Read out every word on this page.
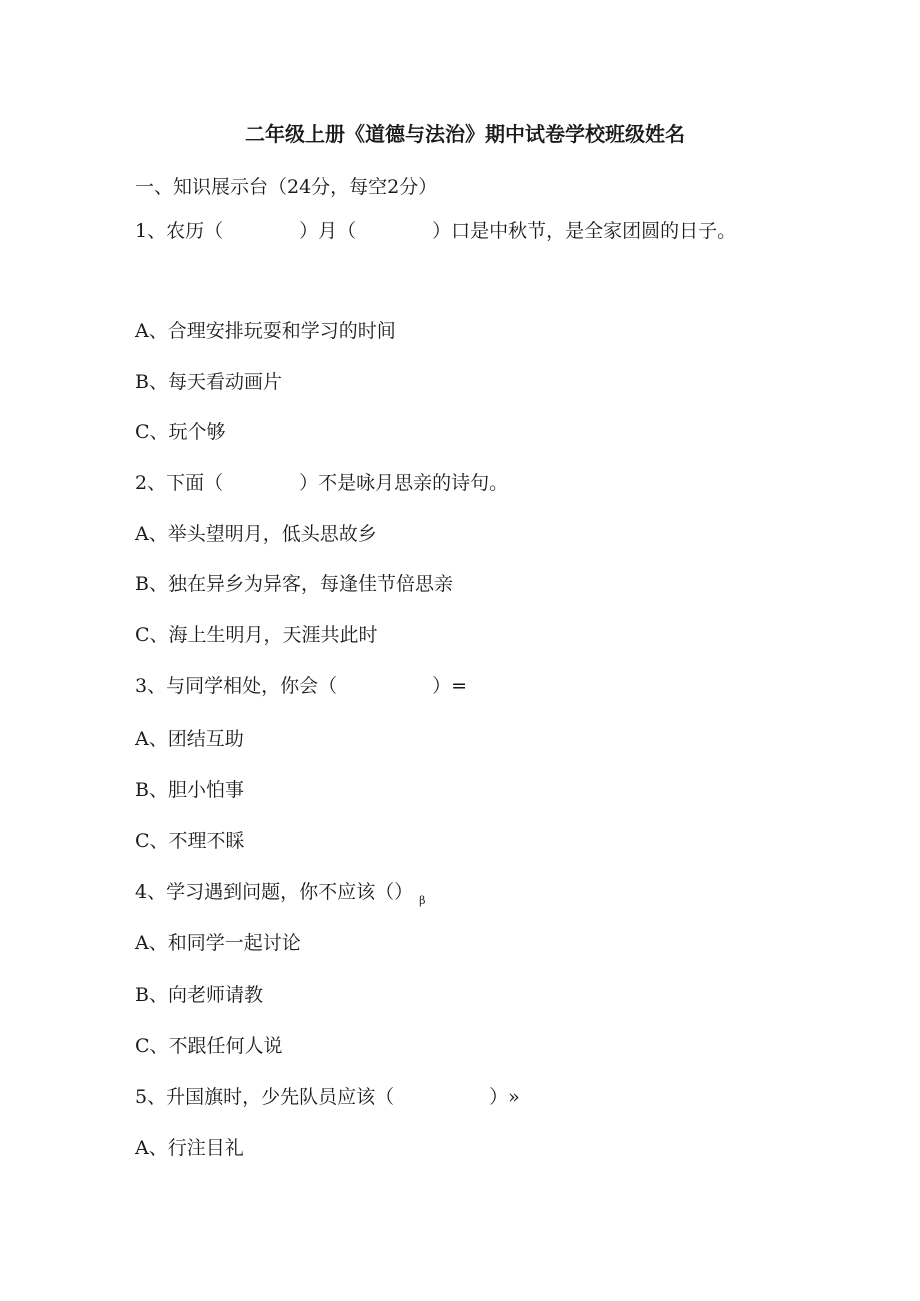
二年级上册《道德与法治》期中试卷学校班级姓名
一、知识展示台（24分，每空2分）
1、农历（　　　　）月（　　　　）口是中秋节，是全家团圆的日子。
A、合理安排玩耍和学习的时间
B、每天看动画片
C、玩个够
2、下面（　　　　）不是咏月思亲的诗句。
A、举头望明月，低头思故乡
B、独在异乡为异客，每逢佳节倍思亲
C、海上生明月，天涯共此时
3、与同学相处，你会（　　　　　）=
A、团结互助
B、胆小怕事
C、不理不睬
4、学习遇到问题，你不应该（） $_\beta$
A、和同学一起讨论
B、向老师请教
C、不跟任何人说
5、升国旗时，少先队员应该（　　　　　）»
A、行注目礼
